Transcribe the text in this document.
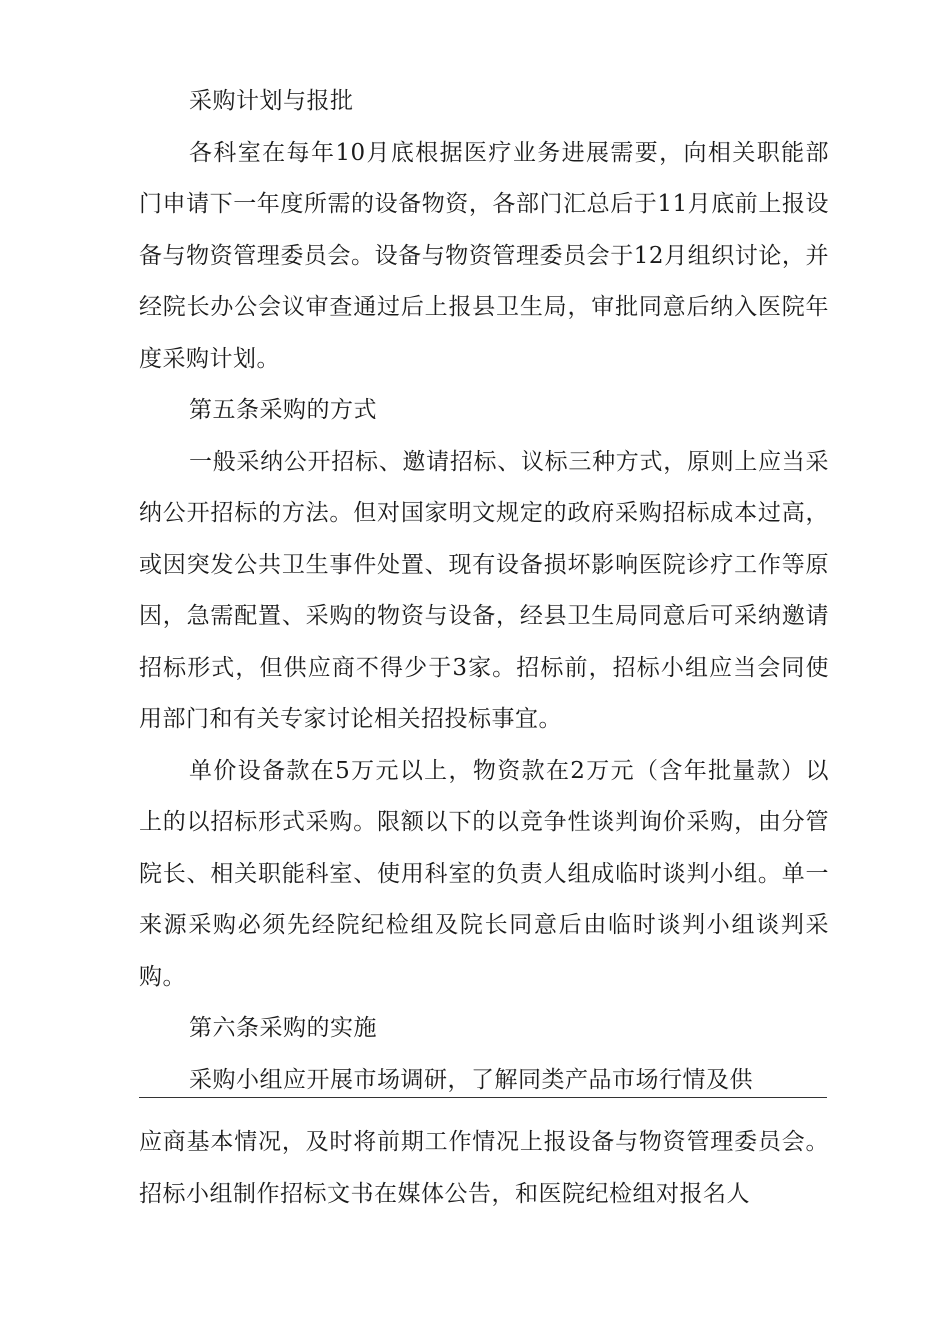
采购计划与报批

各科室在每年10月底根据医疗业务进展需要，向相关职能部门申请下一年度所需的设备物资，各部门汇总后于11月底前上报设备与物资管理委员会。设备与物资管理委员会于12月组织讨论，并经院长办公会议审查通过后上报县卫生局，审批同意后纳入医院年度采购计划。

第五条采购的方式

一般采纳公开招标、邀请招标、议标三种方式，原则上应当采纳公开招标的方法。但对国家明文规定的政府采购招标成本过高，或因突发公共卫生事件处置、现有设备损坏影响医院诊疗工作等原因，急需配置、采购的物资与设备，经县卫生局同意后可采纳邀请招标形式，但供应商不得少于3家。招标前，招标小组应当会同使用部门和有关专家讨论相关招投标事宜。

单价设备款在5万元以上，物资款在2万元（含年批量款）以上的以招标形式采购。限额以下的以竞争性谈判询价采购，由分管院长、相关职能科室、使用科室的负责人组成临时谈判小组。单一来源采购必须先经院纪检组及院长同意后由临时谈判小组谈判采购。

第六条采购的实施

采购小组应开展市场调研，了解同类产品市场行情及供

应商基本情况，及时将前期工作情况上报设备与物资管理委员会。招标小组制作招标文书在媒体公告，和医院纪检组对报名人
